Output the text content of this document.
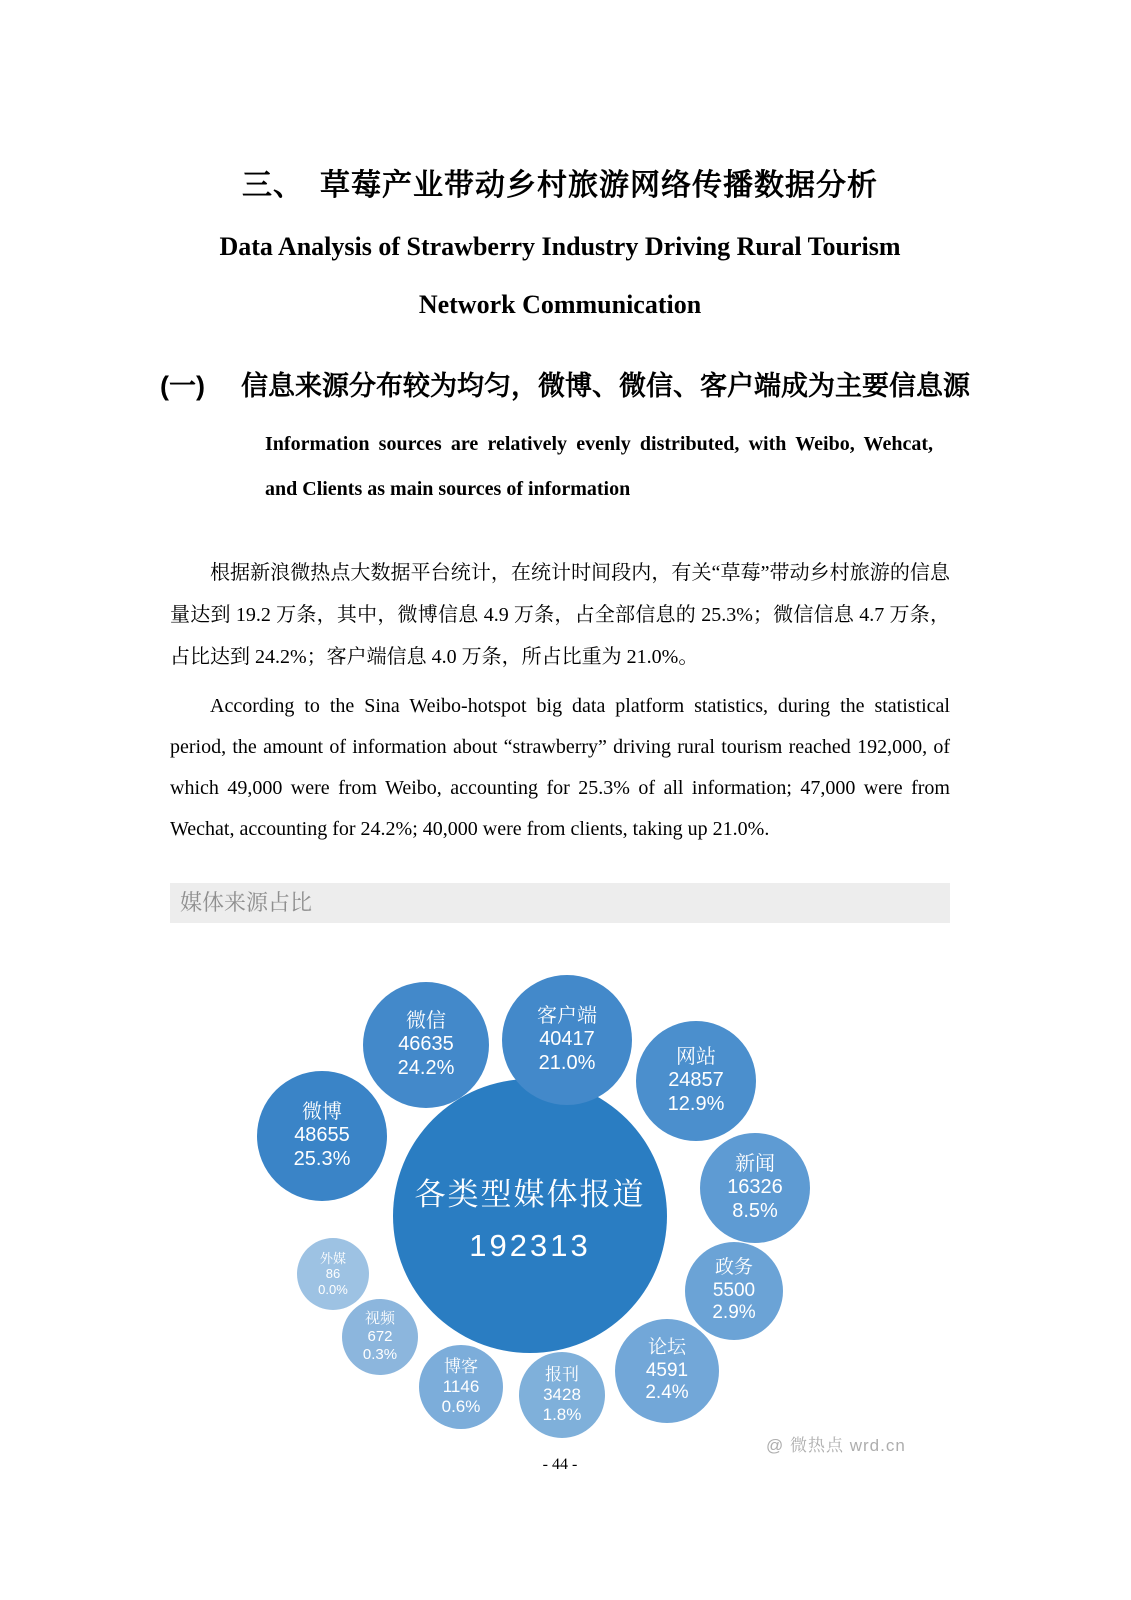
三、　草莓产业带动乡村旅游网络传播数据分析
Data Analysis of Strawberry Industry Driving Rural Tourism
Network Communication
(一) 信息来源分布较为均匀，微博、微信、客户端成为主要信息源
Information sources are relatively evenly distributed, with Weibo, Wehcat, and Clients as main sources of information

根据新浪微热点大数据平台统计，在统计时间段内，有关“草莓”带动乡村旅游的信息量达到 19.2 万条，其中，微博信息 4.9 万条，占全部信息的 25.3%；微信信息 4.7 万条，占比达到 24.2%；客户端信息 4.0 万条，所占比重为 21.0%。

According to the Sina Weibo-hotspot big data platform statistics, during the statistical period, the amount of information about “strawberry” driving rural tourism reached 192,000, of which 49,000 were from Weibo, accounting for 25.3% of all information; 47,000 were from Wechat, accounting for 24.2%; 40,000 were from clients, taking up 21.0%.

媒体来源占比
各类型媒体报道
192313
微博
48655
25.3%
微信
46635
24.2%
客户端
40417
21.0%	网站
24857
12.9%
新闻
16326
8.5%
政务
5500
2.9%
论坛
4591
2.4%
报刊
3428
1.8%
博客
1146
0.6%
视频
672
0.3%
外媒
86
0.0%
@ 微热点 wrd.cn
- 44 -
